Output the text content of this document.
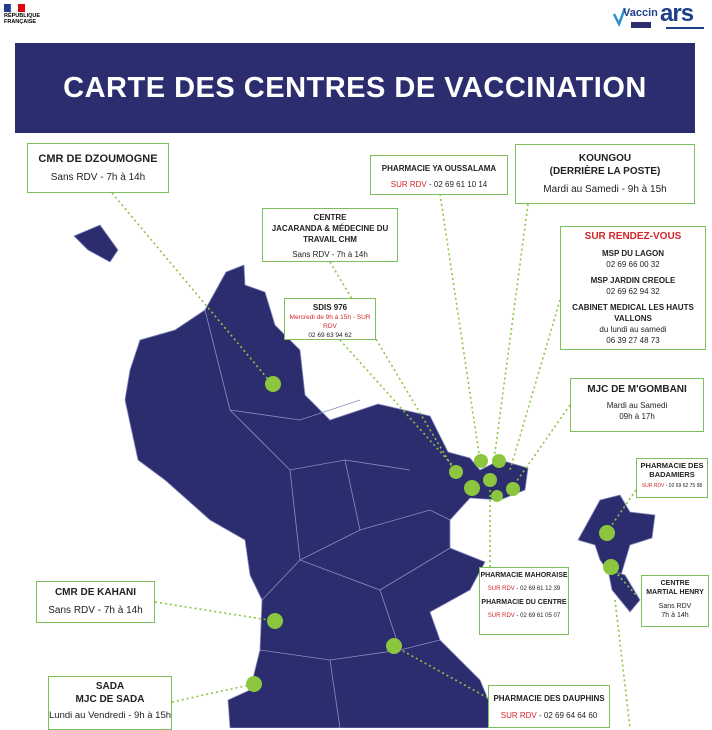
RÉPUBLIQUE
FRANÇAISE
Vaccin ars
CARTE DES CENTRES DE VACCINATION
CMR DE DZOUMOGNE
Sans RDV - 7h à 14h
PHARMACIE YA OUSSALAMA
SUR RDV - 02 69 61 10 14
KOUNGOU
(DERRIÈRE LA POSTE)
Mardi au Samedi - 9h à 15h
CENTRE
JACARANDA & MÉDECINE DU
TRAVAIL CHM
Sans RDV - 7h à 14h
SDIS 976
Mercredi de 9h à 15h - SUR RDV
02 69 63 94 62
SUR RENDEZ-VOUS
MSP DU LAGON
02 69 66 00 32
MSP JARDIN CREOLE
02 69 62 94 32
CABINET MEDICAL LES HAUTS VALLONS
du lundi au samedi
06 39 27 48 73
MJC DE M'GOMBANI
Mardi au Samedi
09h à 17h
PHARMACIE DES
BADAMIERS
SUR RDV - 02 69 62 75 98
PHARMACIE MAHORAISE
SUR RDV - 02 69 61 12 39
PHARMACIE DU CENTRE
SUR RDV - 02 69 61 05 07
CENTRE
MARTIAL HENRY
Sans RDV
7h à 14h
CMR DE KAHANI
Sans RDV - 7h à 14h
SADA
MJC DE SADA
Lundi au Vendredi - 9h à 15h
PHARMACIE DES DAUPHINS
SUR RDV - 02 69 64 64 60
